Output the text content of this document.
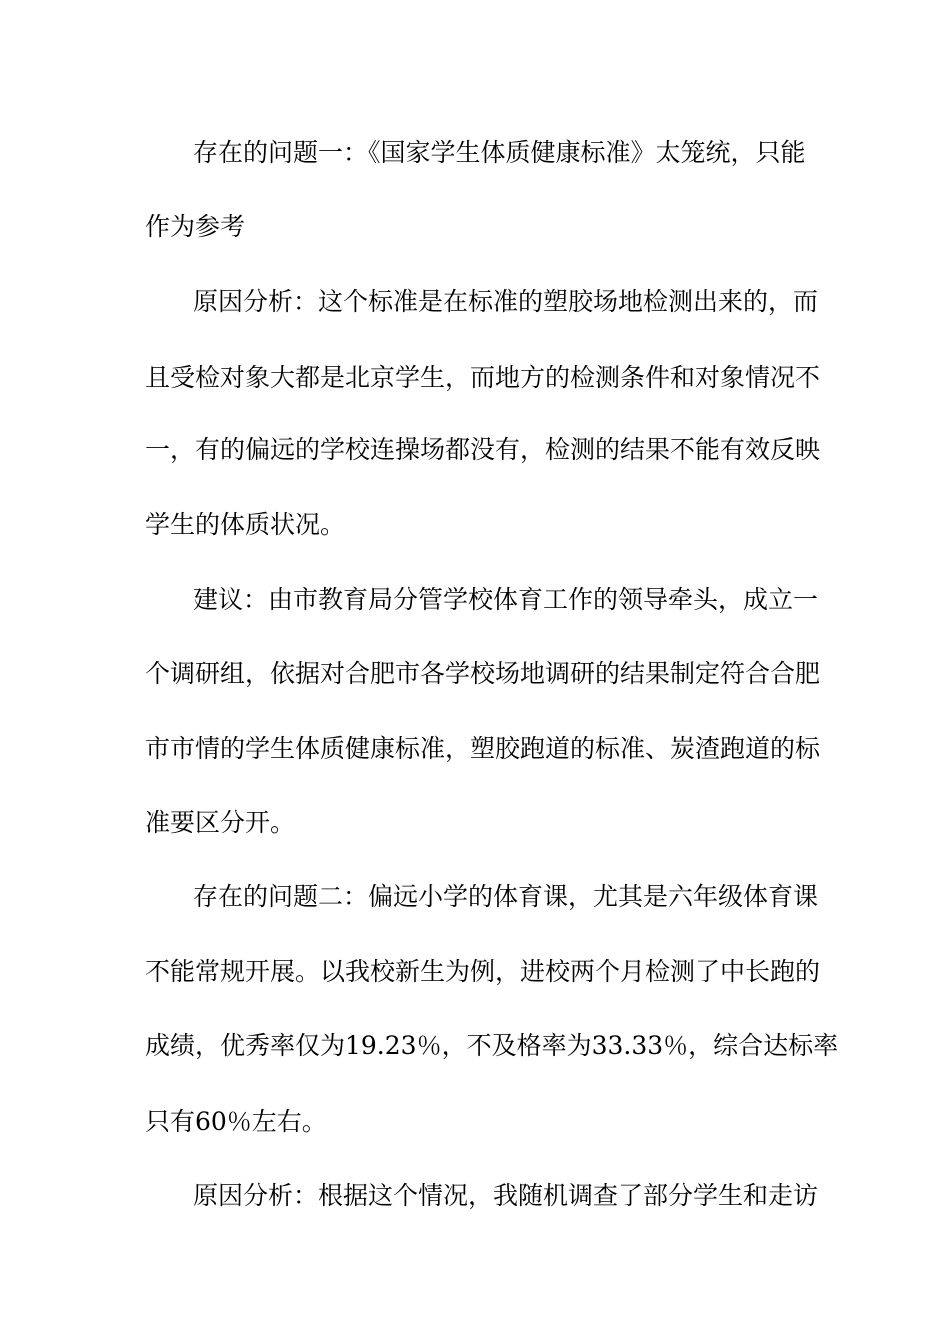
存在的问题一：《国家学生体质健康标准》太笼统，只能
作为参考
原因分析：这个标准是在标准的塑胶场地检测出来的，而
且受检对象大都是北京学生，而地方的检测条件和对象情况不
一，有的偏远的学校连操场都没有，检测的结果不能有效反映
学生的体质状况。
建议：由市教育局分管学校体育工作的领导牵头，成立一
个调研组，依据对合肥市各学校场地调研的结果制定符合合肥
市市情的学生体质健康标准，塑胶跑道的标准、炭渣跑道的标
准要区分开。
存在的问题二：偏远小学的体育课，尤其是六年级体育课
不能常规开展。以我校新生为例，进校两个月检测了中长跑的
成绩，优秀率仅为19.23％，不及格率为33.33％，综合达标率
只有60％左右。
原因分析：根据这个情况，我随机调查了部分学生和走访
